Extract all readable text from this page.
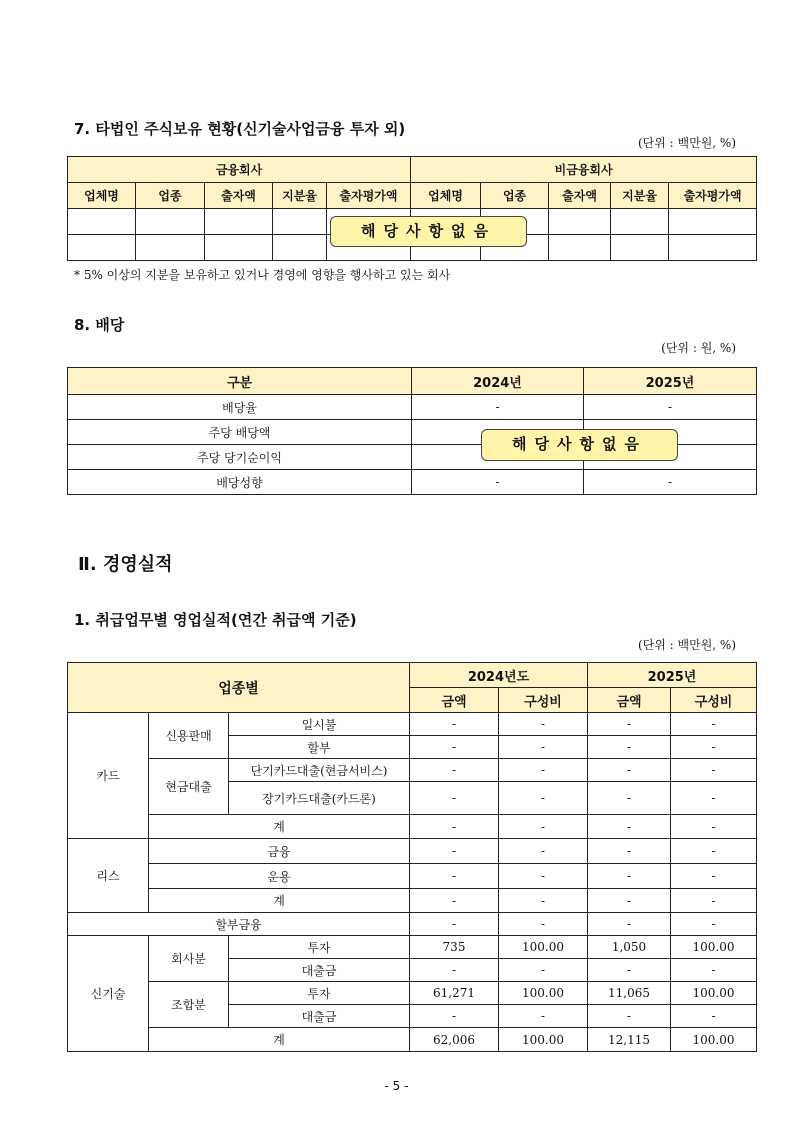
7. 타법인 주식보유 현황(신기술사업금융 투자 외)
(단위 : 백만원, %)
금융회사					비금융회사				
업체명	업종	출자액	지분율	출자평가액	업체명	업종	출자액	지분율	출자평가액

해당사항없음
* 5% 이상의 지분을 보유하고 있거나 경영에 영향을 행사하고 있는 회사
8. 배당
(단위 : 원, %)
구분	2024년	2025년
배당율	-	-
주당 배당액		
주당 당기순이익		
배당성향	-	-
해당사항없음
Ⅱ. 경영실적
1. 취급업무별 영업실적(연간 취급액 기준)
(단위 : 백만원, %)
업종별			2024년도		2025년	
			금액	구성비	금액	구성비
카드	신용판매	일시불	-	-	-	-
		할부	-	-	-	-
	현금대출	단기카드대출(현금서비스)	-	-	-	-
		장기카드대출(카드론)	-	-	-	-
	계		-	-	-	-
리스	금융		-	-	-	-
	운용		-	-	-	-
	계		-	-	-	-
할부금융			-	-	-	-
신기술	회사분	투자	735	100.00	1,050	100.00
		대출금	-	-	-	-
	조합분	투자	61,271	100.00	11,065	100.00
		대출금	-	-	-	-
	계		62,006	100.00	12,115	100.00
- 5 -
